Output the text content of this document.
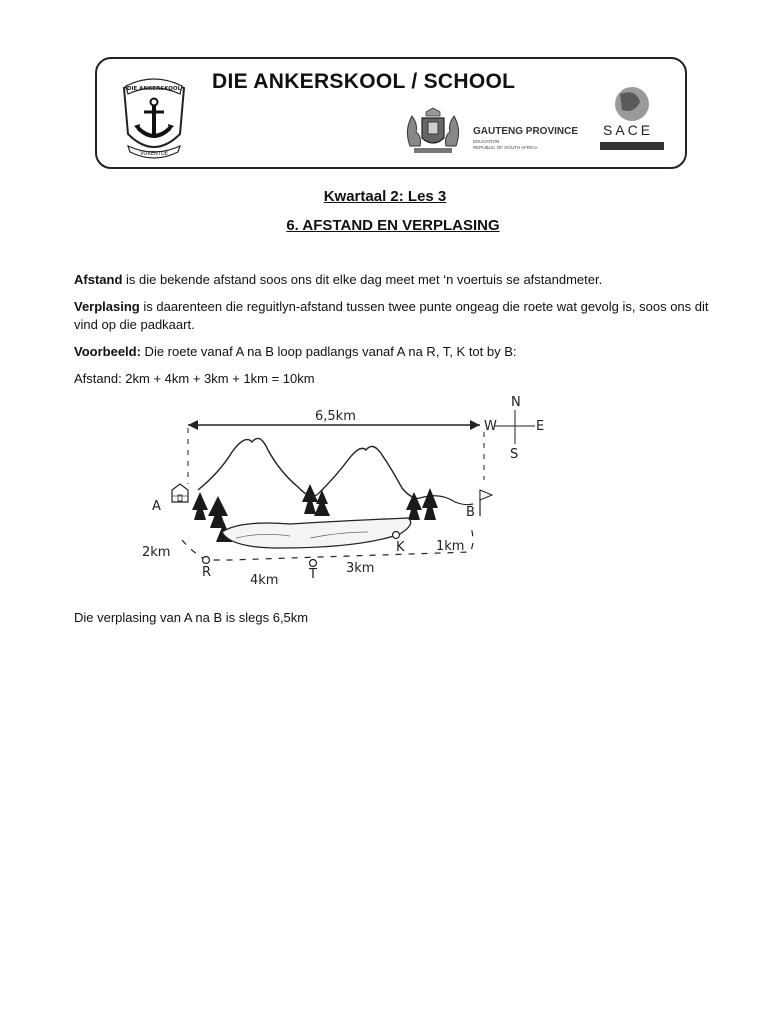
DIE ANKERSKOOL
VORENTOE
DIE ANKERSKOOL / SCHOOL
GAUTENG PROVINCE
EDUCATION
REPUBLIC OF SOUTH AFRICA
SACE
Kwartaal 2: Les 3
6. AFSTAND EN VERPLASING
Afstand is die bekende afstand soos ons dit elke dag meet met ‘n voertuis se afstandmeter.
Verplasing is daarenteen die reguitlyn-afstand tussen twee punte ongeag die roete wat gevolg is, soos ons dit vind op die padkaart.
Voorbeeld: Die roete vanaf A na B loop padlangs vanaf A na R, T, K tot by B:
Afstand: 2km + 4km + 3km + 1km = 10km
6,5km
N
E
S
W
A	B
R	T
K
2km
4km
3km
1km
Die verplasing van A na B is slegs 6,5km
